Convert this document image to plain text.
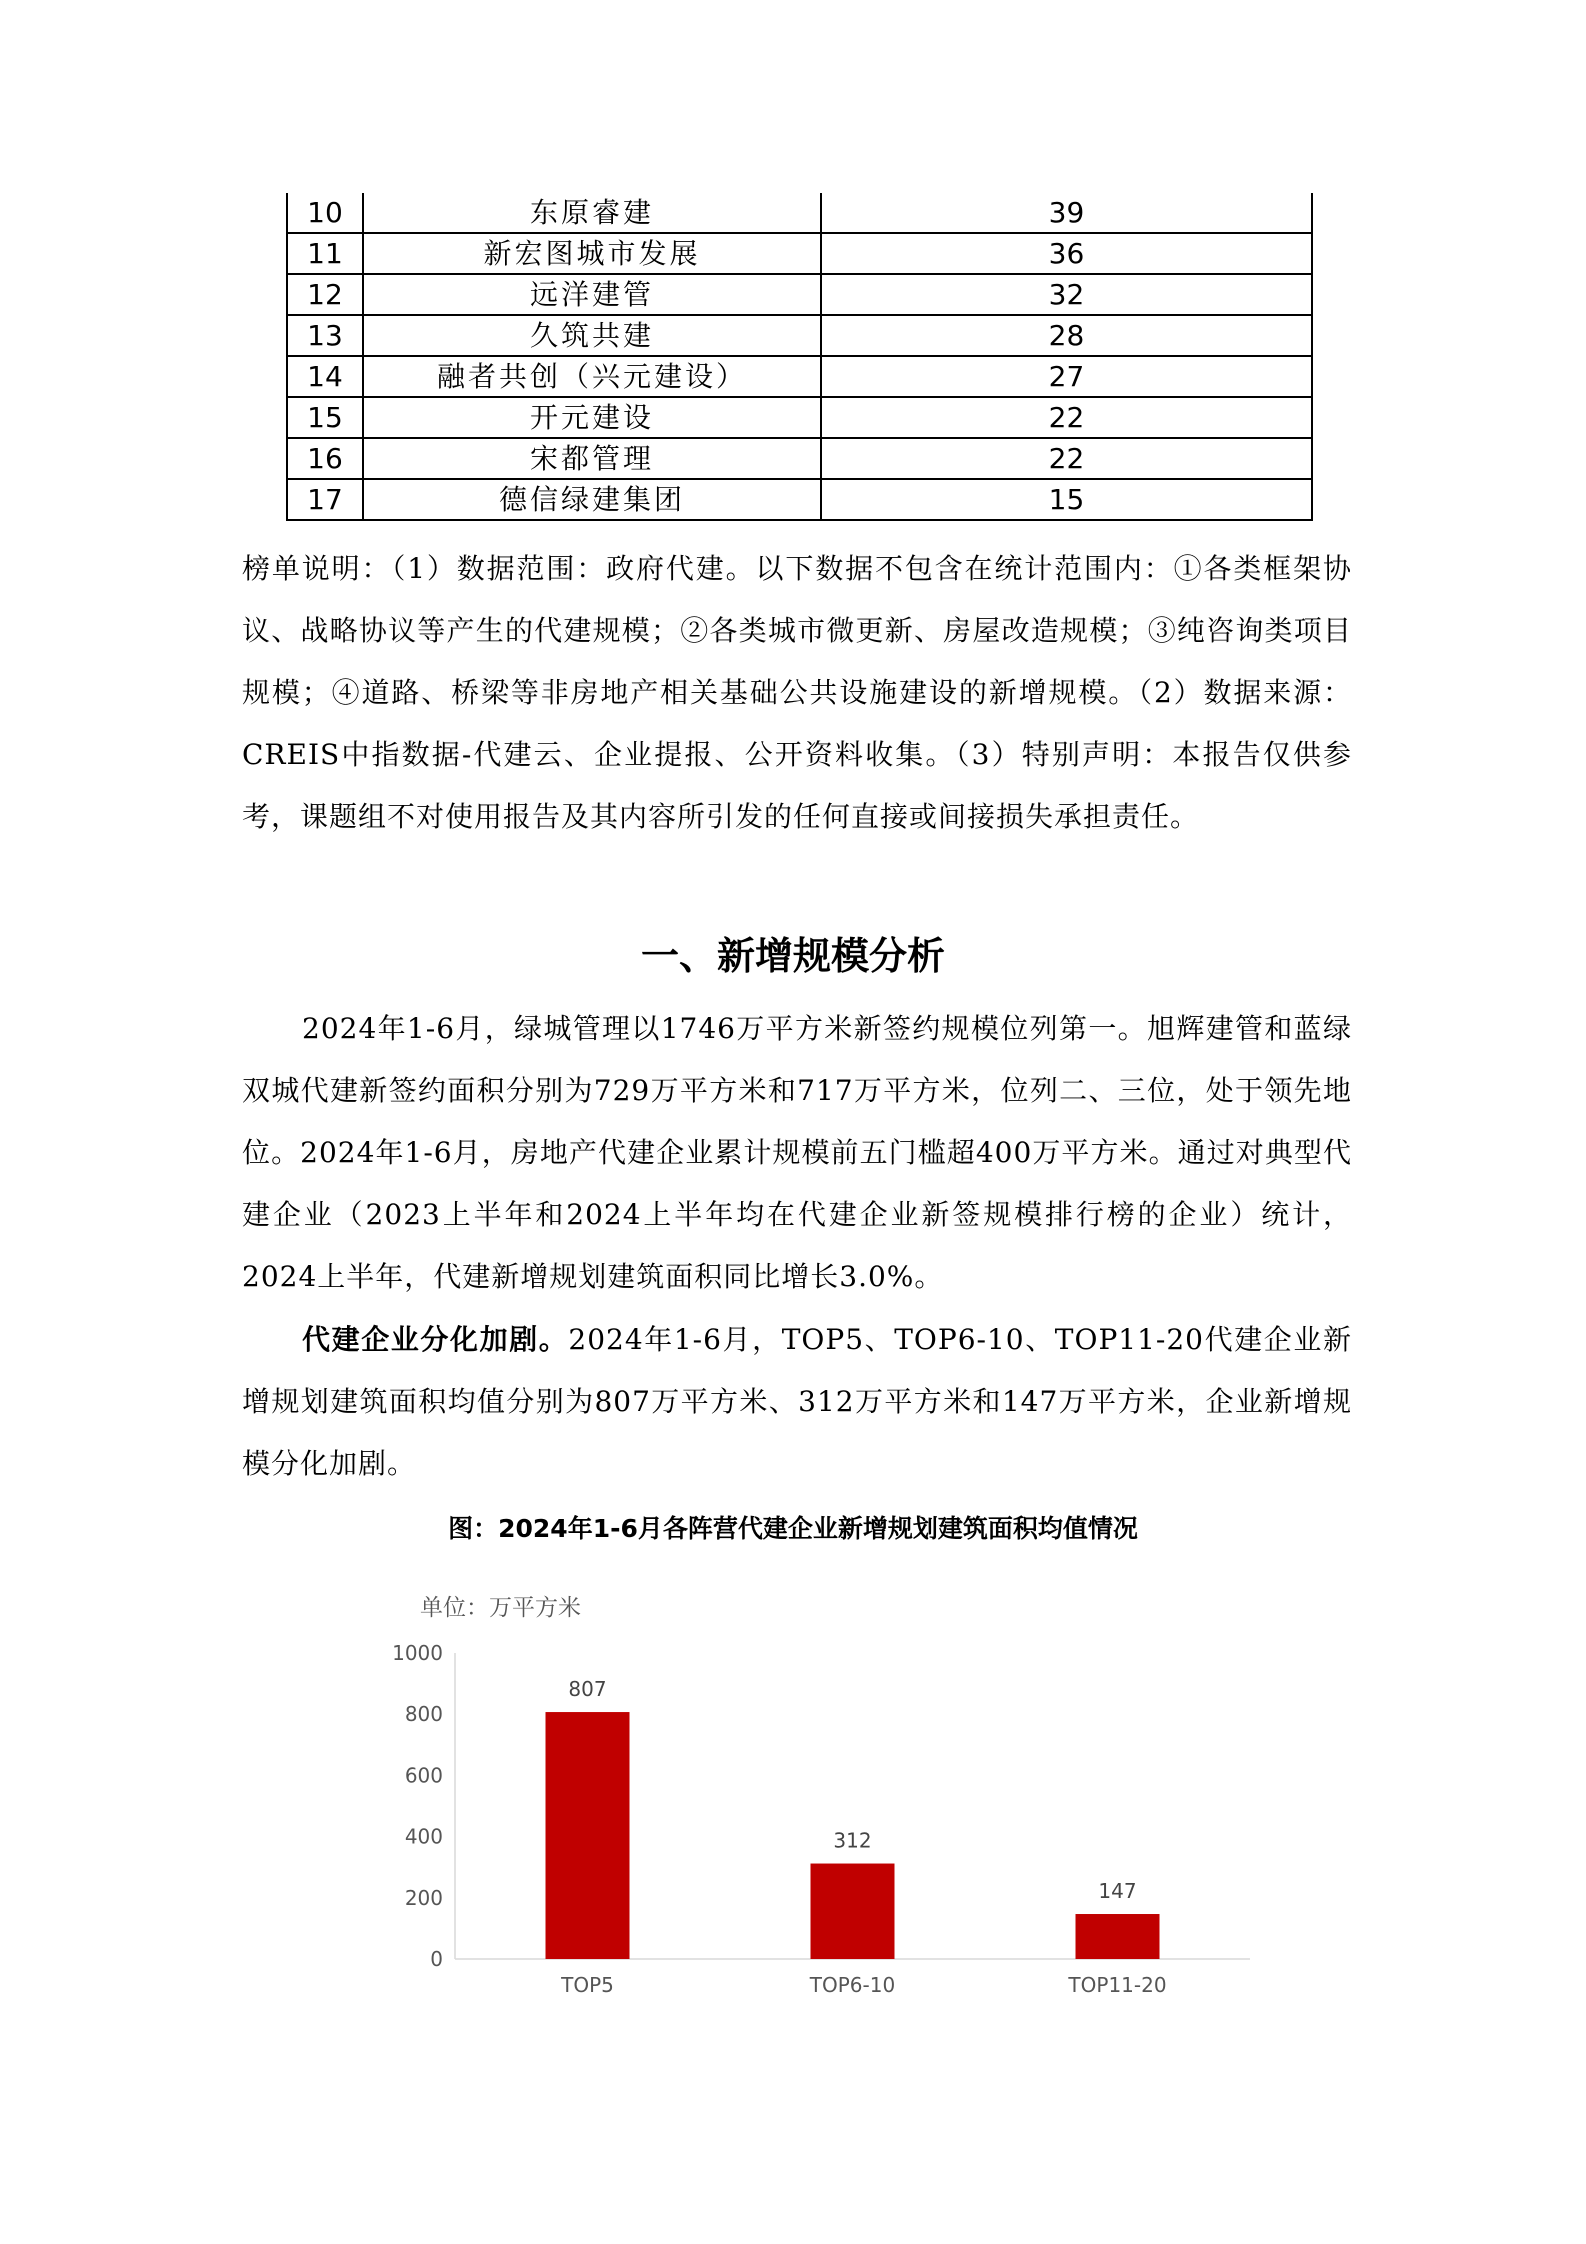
10	东原睿建	39
11	新宏图城市发展	36
12	远洋建管	32
13	久筑共建	28
14	融者共创（兴元建设）	27
15	开元建设	22
16	宋都管理	22
17	德信绿建集团	15

榜单说明：（1）数据范围：政府代建。以下数据不包含在统计范围内：①各类框架协议、战略协议等产生的代建规模；②各类城市微更新、房屋改造规模；③纯咨询类项目规模；④道路、桥梁等非房地产相关基础公共设施建设的新增规模。（2）数据来源：CREIS中指数据-代建云、企业提报、公开资料收集。（3）特别声明：本报告仅供参考，课题组不对使用报告及其内容所引发的任何直接或间接损失承担责任。

一、新增规模分析

2024年1-6月，绿城管理以1746万平方米新签约规模位列第一。旭辉建管和蓝绿双城代建新签约面积分别为729万平方米和717万平方米，位列二、三位，处于领先地位。2024年1-6月，房地产代建企业累计规模前五门槛超400万平方米。通过对典型代建企业（2023上半年和2024上半年均在代建企业新签规模排行榜的企业）统计，2024上半年，代建新增规划建筑面积同比增长3.0%。

代建企业分化加剧。2024年1-6月，TOP5、TOP6-10、TOP11-20代建企业新增规划建筑面积均值分别为807万平方米、312万平方米和147万平方米，企业新增规模分化加剧。

图：2024年1-6月各阵营代建企业新增规划建筑面积均值情况

单位：万平方米
0
200
400
600
800
1000
807
TOP5
312
TOP6-10
147
TOP11-20
